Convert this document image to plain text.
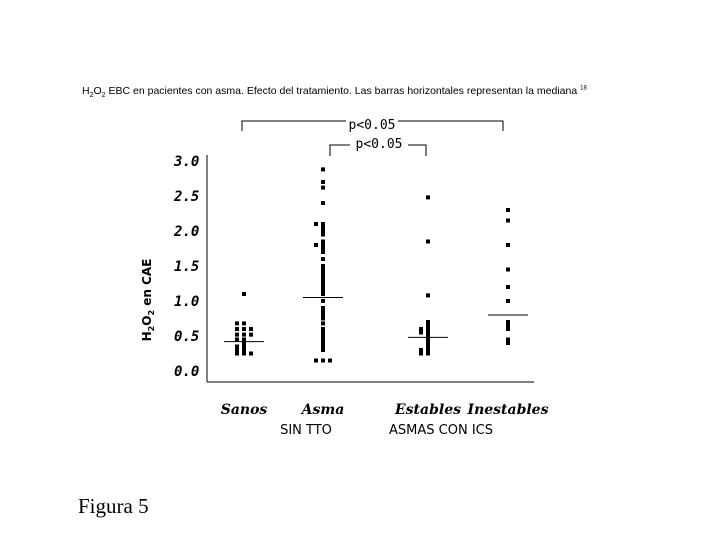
$H_2O_2$ EBC en pacientes con asma. Efecto del tratamiento. Las barras horizontales representan la mediana $^{18}$
$H_2O_2$ en CAE
0.0
0.5
1.0
1.5
2.0
2.5
3.0
Sanos Asma	Estables Inestables
SIN TTO	ASMAS CON ICS
p<0.05
p<0.05
Figura 5
